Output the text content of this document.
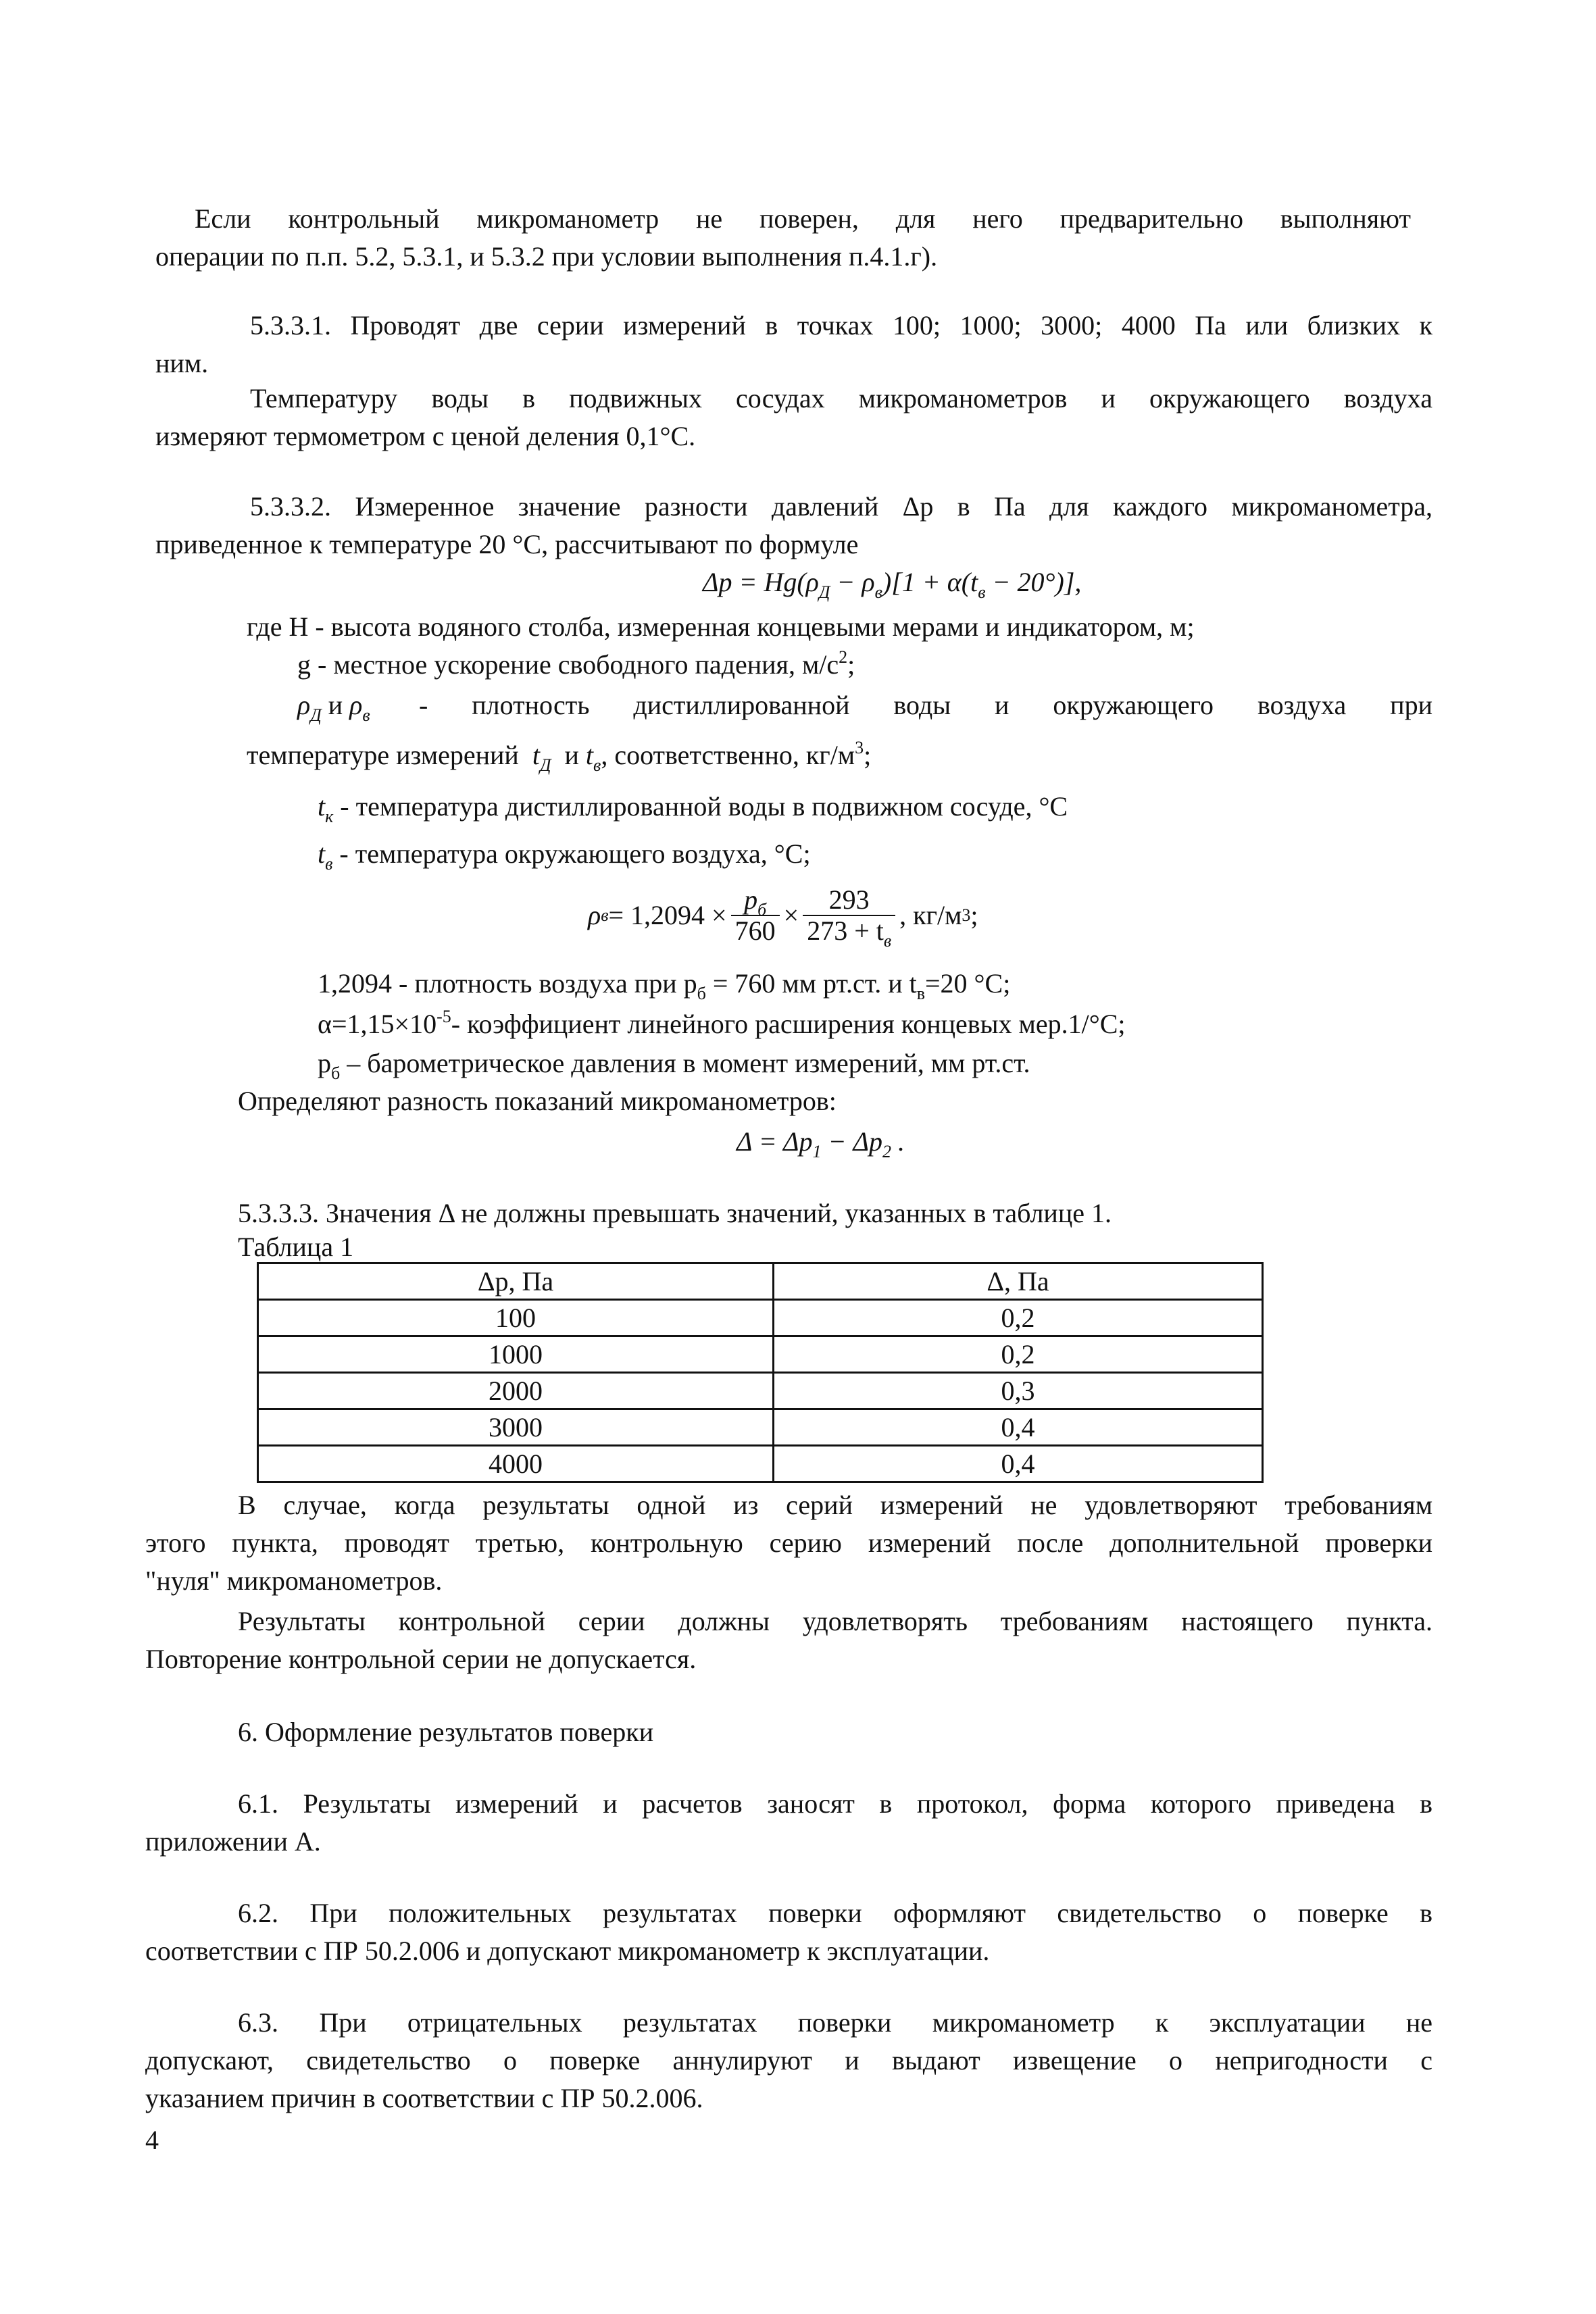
Если контрольный микроманометр не поверен, для него предварительно выполняют
операции по п.п. 5.2, 5.3.1, и 5.3.2 при условии выполнения п.4.1.г).
5.3.3.1. Проводят две серии измерений в точках 100; 1000; 3000; 4000 Па или близких к
ним.
Температуру воды в подвижных сосудах микроманометров и окружающего воздуха
измеряют термометром с ценой деления 0,1°С.
5.3.3.2. Измеренное значение разности давлений Δр в Па для каждого микроманометра,
приведенное к температуре 20 °С, рассчитывают по формуле
$\Delta p = Hg(\rho_Д - \rho_в)[1 + \alpha(t_в - 20^\circ)]$,
где Н - высота водяного столба, измеренная концевыми мерами и индикатором, м;
g - местное ускорение свободного падения, $м/с^2$;
$\rho_Д$ и $\rho_в$ - плотность дистиллированной воды и окружающего воздуха при
температуре измерений $t_Д$ и $t_в$, соответственно, $кг/м^3$;
$t_к$ - температура дистиллированной воды в подвижном сосуде, °С
$t_в$ - температура окружающего воздуха, °С;
ρ $в = 1,2094 \times \frac{p_б}{760} \times \frac{293}{273 + t_в}$ , кг/м 3 ;
1,2094 - плотность воздуха при $р_б = 760$ мм рт.ст. и $t_в=20$ °С;
$\alpha=1,15\times 10^{-5}-$ коэффициент линейного расширения концевых мер.1/°С;
$р_б$ – барометрическое давления в момент измерений, мм рт.ст.
Определяют разность показаний микроманометров:
$\Delta = \Delta p_1 - \Delta p_2$ .
5.3.3.3. Значения Δ не должны превышать значений, указанных в таблице 1.
Таблица 1
Δр, Па	Δ, Па
100	0,2
1000	0,2
2000	0,3
3000	0,4
4000	0,4
В случае, когда результаты одной из серий измерений не удовлетворяют требованиям
этого пункта, проводят третью, контрольную серию измерений после дополнительной проверки
"нуля" микроманометров.
Результаты контрольной серии должны удовлетворять требованиям настоящего пункта.
Повторение контрольной серии не допускается.
6. Оформление результатов поверки
6.1. Результаты измерений и расчетов заносят в протокол, форма которого приведена в
приложении А.
6.2. При положительных результатах поверки оформляют свидетельство о поверке в
соответствии с ПР 50.2.006 и допускают микроманометр к эксплуатации.
6.3. При отрицательных результатах поверки микроманометр к эксплуатации не
допускают, свидетельство о поверке аннулируют и выдают извещение о непригодности с
указанием причин в соответствии с ПР 50.2.006.
4
